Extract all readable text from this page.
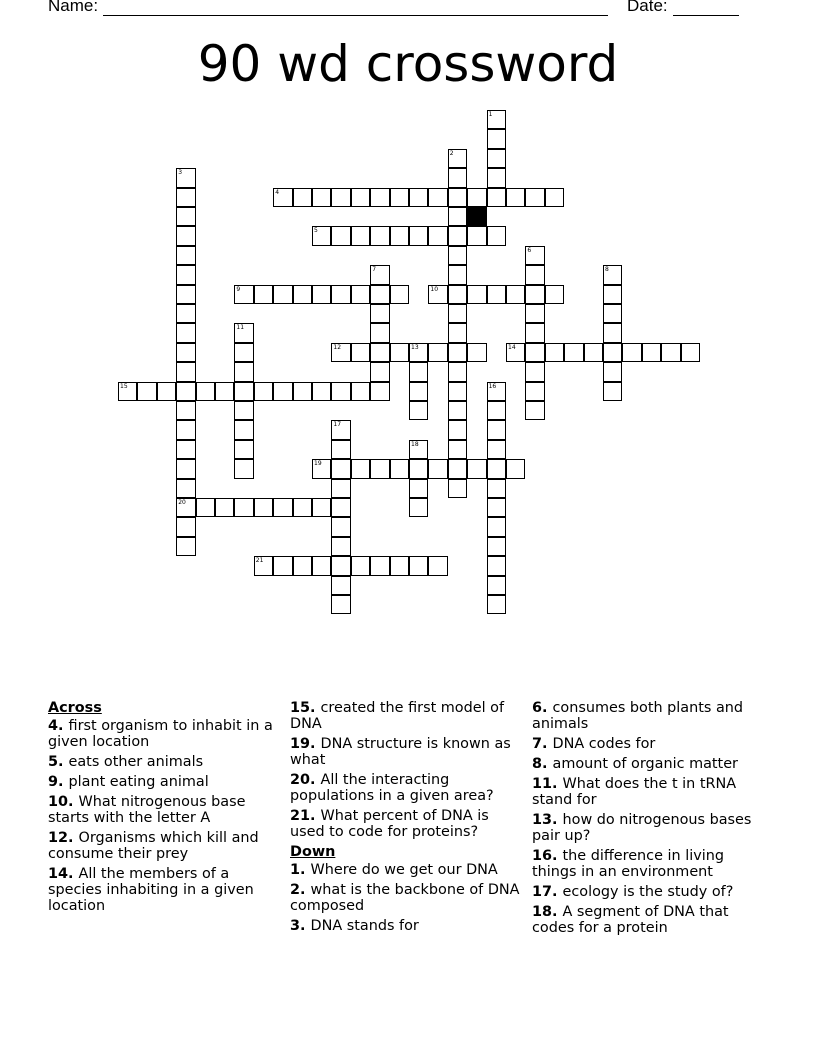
Name:	Date:
90 wd crossword
1
2
3
20
4
5
6
7	8
9	10
11
12	13	14
15	16
17
18
19
21
Across
4. first organism to inhabit in a given location
5. eats other animals
9. plant eating animal
10. What nitrogenous base starts with the letter A
12. Organisms which kill and consume their prey
14. All the members of a species inhabiting in a given location
15. created the first model of DNA
19. DNA structure is known as what
20. All the interacting populations in a given area?
21. What percent of DNA is used to code for proteins?
Down
1. Where do we get our DNA
2. what is the backbone of DNA composed
3. DNA stands for
6. consumes both plants and animals
7. DNA codes for
8. amount of organic matter
11. What does the t in tRNA stand for
13. how do nitrogenous bases pair up?
16. the difference in living things in an environment
17. ecology is the study of?
18. A segment of DNA that codes for a protein
